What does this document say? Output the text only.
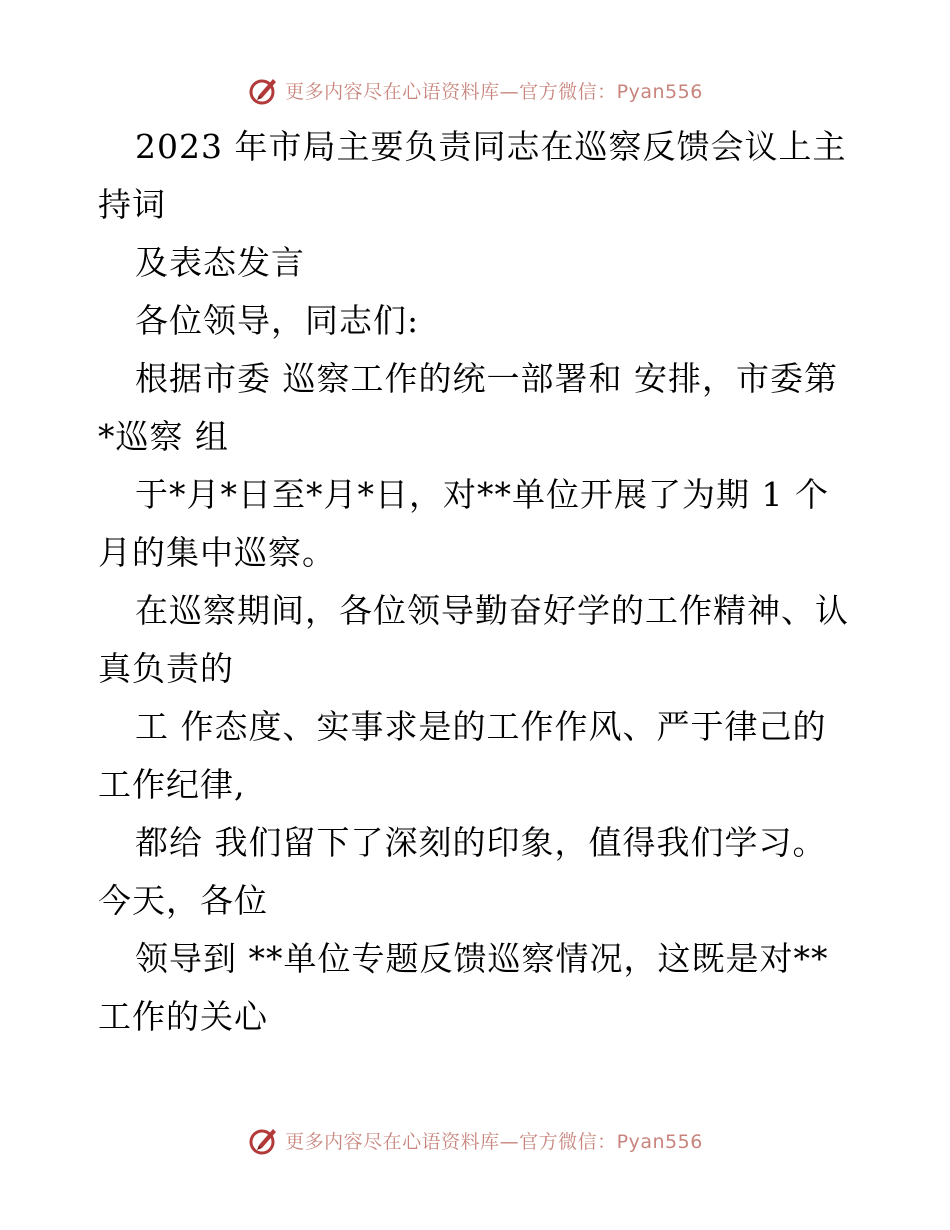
更多内容尽在心语资料库—官方微信：Pyan556
2023 年市局主要负责同志在巡察反馈会议上主
持词
及表态发言
各位领导，同志们:
根据市委 巡察工作的统一部署和 安排，市委第
*巡察 组
于*月*日至*月*日，对**单位开展了为期 1 个
月的集中巡察。
在巡察期间，各位领导勤奋好学的工作精神、认
真负责的
工 作态度、实事求是的工作作风、严于律己的
工作纪律,
都给 我们留下了深刻的印象，值得我们学习。
今天，各位
领导到 **单位专题反馈巡察情况，这既是对**
工作的关心
更多内容尽在心语资料库—官方微信：Pyan556
